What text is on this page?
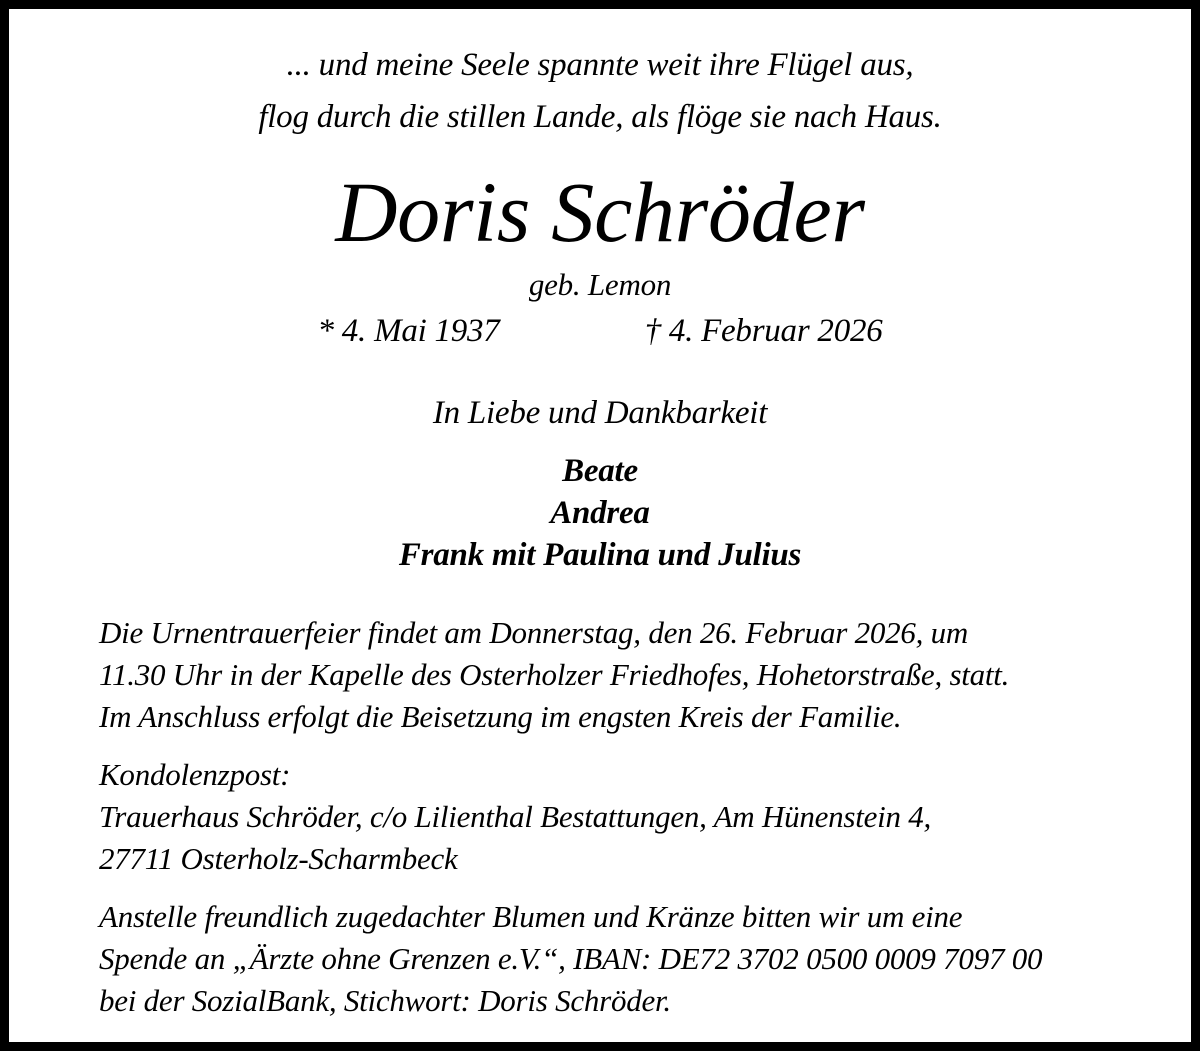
... und meine Seele spannte weit ihre Flügel aus,
flog durch die stillen Lande, als flöge sie nach Haus.
Doris Schröder
geb. Lemon
* 4. Mai 1937	† 4. Februar 2026
In Liebe und Dankbarkeit
Beate
Andrea
Frank mit Paulina und Julius
Die Urnentrauerfeier findet am Donnerstag, den 26. Februar 2026, um
11.30 Uhr in der Kapelle des Osterholzer Friedhofes, Hohetorstraße, statt.
Im Anschluss erfolgt die Beisetzung im engsten Kreis der Familie.
Kondolenzpost:
Trauerhaus Schröder, c/o Lilienthal Bestattungen, Am Hünenstein 4,
27711 Osterholz-Scharmbeck
Anstelle freundlich zugedachter Blumen und Kränze bitten wir um eine
Spende an „Ärzte ohne Grenzen e.V.“, IBAN: DE72 3702 0500 0009 7097 00
bei der SozialBank, Stichwort: Doris Schröder.
